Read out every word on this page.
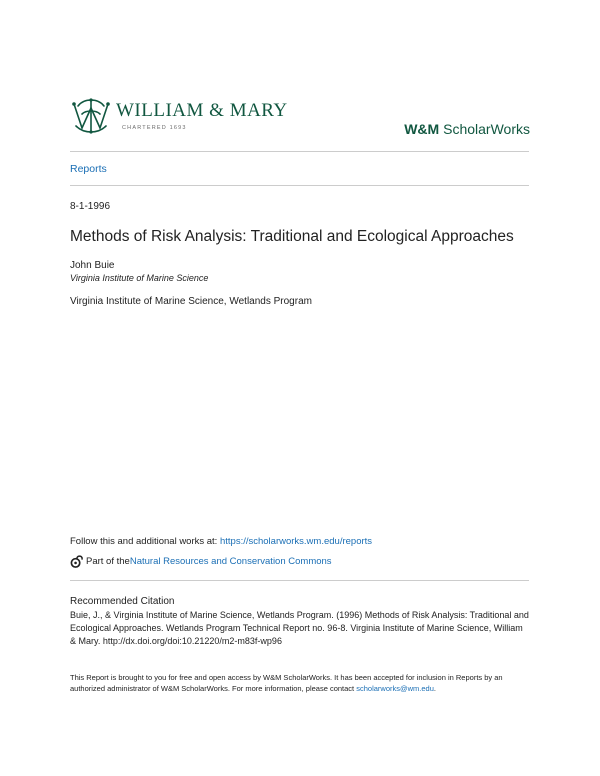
WILLIAM & MARY
CHARTERED 1693	W&M ScholarWorks
Reports
8-1-1996
Methods of Risk Analysis: Traditional and Ecological Approaches
John Buie
Virginia Institute of Marine Science
Virginia Institute of Marine Science, Wetlands Program
Follow this and additional works at: https://scholarworks.wm.edu/reports
Part of the Natural Resources and Conservation Commons
Recommended Citation
Buie, J., & Virginia Institute of Marine Science, Wetlands Program. (1996) Methods of Risk Analysis: Traditional and Ecological Approaches. Wetlands Program Technical Report no. 96-8. Virginia Institute of Marine Science, William & Mary. http://dx.doi.org/doi:10.21220/m2-m83f-wp96
This Report is brought to you for free and open access by W&M ScholarWorks. It has been accepted for inclusion in Reports by an authorized administrator of W&M ScholarWorks. For more information, please contact scholarworks@wm.edu.
